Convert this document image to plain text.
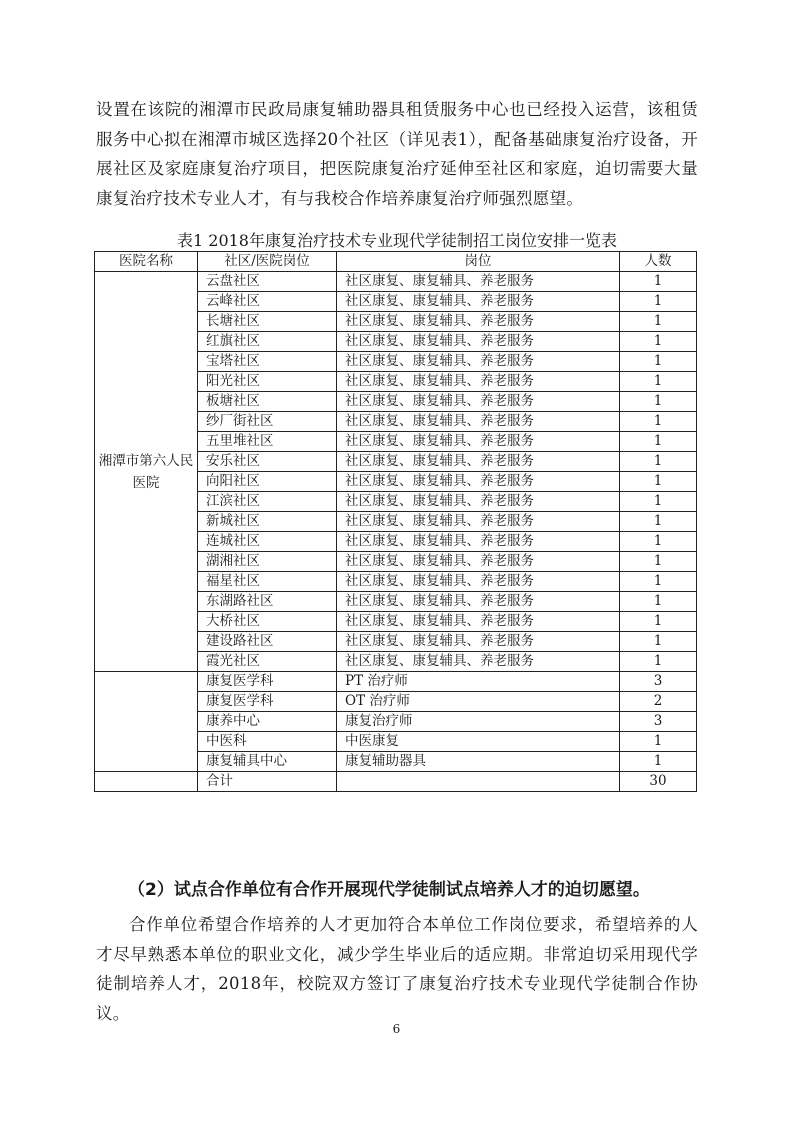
设置在该院的湘潭市民政局康复辅助器具租赁服务中心也已经投入运营，该租赁服务中心拟在湘潭市城区选择20个社区（详见表1），配备基础康复治疗设备，开展社区及家庭康复治疗项目，把医院康复治疗延伸至社区和家庭，迫切需要大量康复治疗技术专业人才，有与我校合作培养康复治疗师强烈愿望。

表1 2018年康复治疗技术专业现代学徒制招工岗位安排一览表
医院名称	社区/医院岗位	岗位	人数
湘潭市第六人民医院	云盘社区	社区康复、康复辅具、养老服务	1
	云峰社区	社区康复、康复辅具、养老服务	1
	长塘社区	社区康复、康复辅具、养老服务	1
	红旗社区	社区康复、康复辅具、养老服务	1
	宝塔社区	社区康复、康复辅具、养老服务	1
	阳光社区	社区康复、康复辅具、养老服务	1
	板塘社区	社区康复、康复辅具、养老服务	1
	纱厂街社区	社区康复、康复辅具、养老服务	1
	五里堆社区	社区康复、康复辅具、养老服务	1
	安乐社区	社区康复、康复辅具、养老服务	1
	向阳社区	社区康复、康复辅具、养老服务	1
	江滨社区	社区康复、康复辅具、养老服务	1
	新城社区	社区康复、康复辅具、养老服务	1
	连城社区	社区康复、康复辅具、养老服务	1
	湖湘社区	社区康复、康复辅具、养老服务	1
	福星社区	社区康复、康复辅具、养老服务	1
	东湖路社区	社区康复、康复辅具、养老服务	1
	大桥社区	社区康复、康复辅具、养老服务	1
	建设路社区	社区康复、康复辅具、养老服务	1
	霞光社区	社区康复、康复辅具、养老服务	1
	康复医学科	PT 治疗师	3
	康复医学科	OT 治疗师	2
	康养中心	康复治疗师	3
	中医科	中医康复	1
	康复辅具中心	康复辅助器具	1
	合计		30
（2）试点合作单位有合作开展现代学徒制试点培养人才的迫切愿望。

合作单位希望合作培养的人才更加符合本单位工作岗位要求，希望培养的人才尽早熟悉本单位的职业文化，减少学生毕业后的适应期。非常迫切采用现代学徒制培养人才，2018年，校院双方签订了康复治疗技术专业现代学徒制合作协议。

6
